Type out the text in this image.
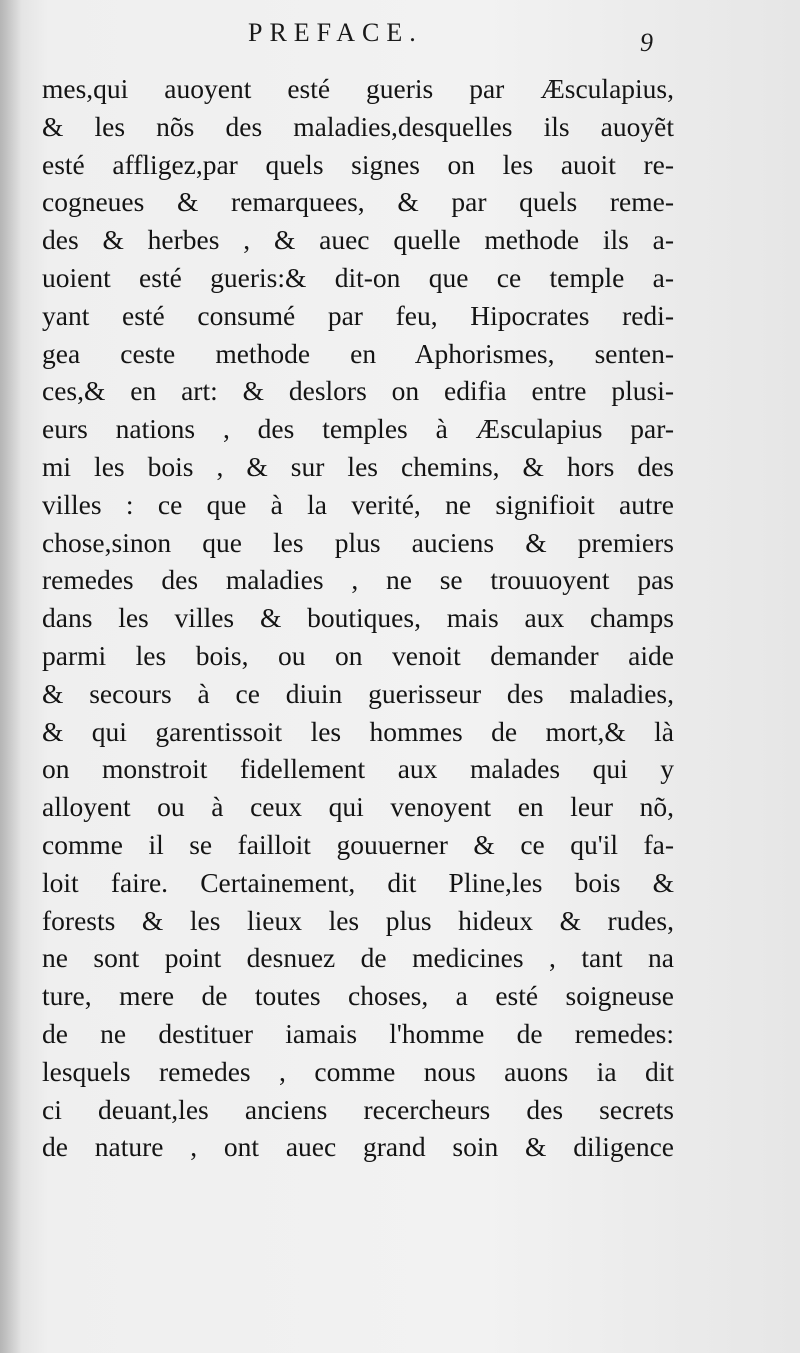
PREFACE.	9
mes,qui auoyent esté gueris par Æsculapius,
& les nõs des maladies,desquelles ils auoyẽt
esté affligez,par quels signes on les auoit re-
cogneues & remarquees, & par quels reme-
des & herbes , & auec quelle methode ils a-
uoient esté gueris:& dit-on que ce temple a-
yant esté consumé par feu, Hipocrates redi-
gea ceste methode en Aphorismes, senten-
ces,& en art: & deslors on edifia entre plusi-
eurs nations , des temples à Æsculapius par-
mi les bois , & sur les chemins, & hors des
villes : ce que à la verité, ne signifioit autre
chose,sinon que les plus auciens & premiers
remedes des maladies , ne se trouuoyent pas
dans les villes & boutiques, mais aux champs
parmi les bois, ou on venoit demander aide
& secours à ce diuin guerisseur des maladies,
& qui garentissoit les hommes de mort,& là
on monstroit fidellement aux malades qui y
alloyent ou à ceux qui venoyent en leur nõ,
comme il se failloit gouuerner & ce qu'il fa-
loit faire. Certainement, dit Pline,les bois &
forests & les lieux les plus hideux & rudes,
ne sont point desnuez de medicines , tant na
ture, mere de toutes choses, a esté soigneuse
de ne destituer iamais l'homme de remedes:
lesquels remedes , comme nous auons ia dit
ci deuant,les anciens recercheurs des secrets
de nature , ont auec grand soin & diligence
